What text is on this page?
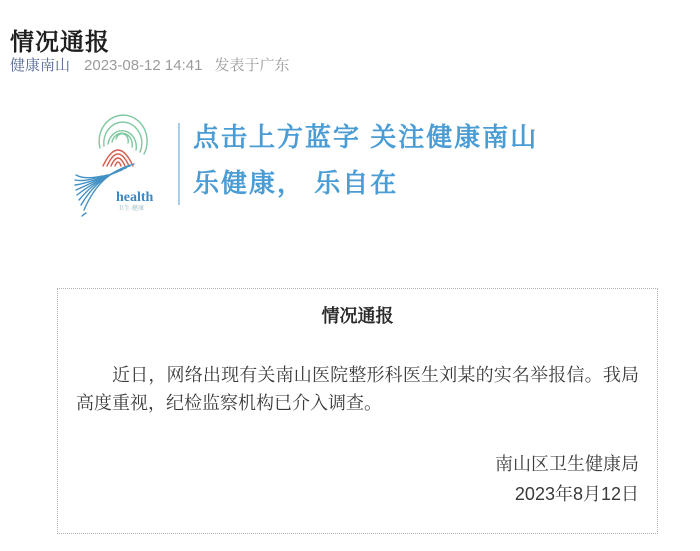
情况通报
健康南山 2023-08-12 14:41 发表于广东
health
卫生·健康
点击上方蓝字 关注健康南山
乐健康， 乐自在
情况通报

近日，网络出现有关南山医院整形科医生刘某的实名举报信。我局高度重视，纪检监察机构已介入调查。

南山区卫生健康局
2023年8月12日
